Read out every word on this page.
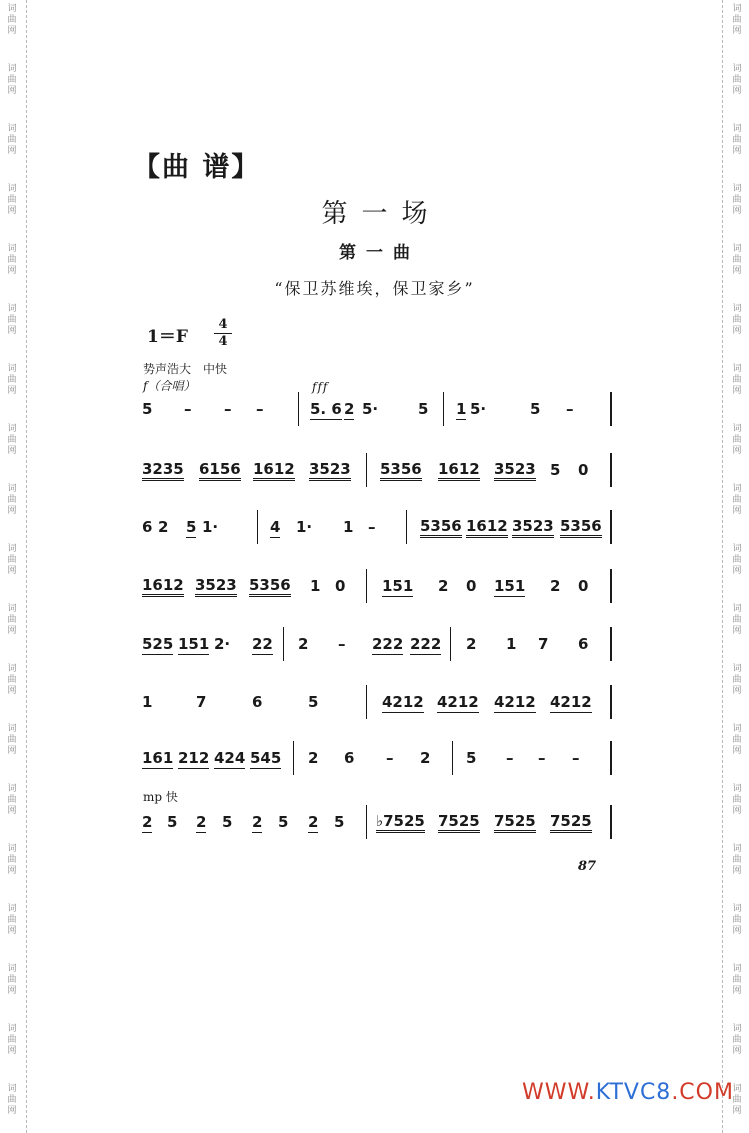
词
曲
网
词
曲
网
词
曲
网
词
曲
网
词
曲
网
词
曲
网
词
曲
网
词
曲
网
词
曲
网
词
曲
网
词
曲
网
词
曲
网
词
曲
网
词
曲
网
词
曲
网
词
曲
网
词
曲
网
词
曲
网
词
曲
网
词
曲
网
词
曲
网
词
曲
网
词
曲
网
词
曲
网
词
曲
网
词
曲
网
词
曲
网
词
曲
网
词
曲
网
词
曲
网
词
曲
网
词
曲
网
词
曲
网
词
曲
网
词
曲
网
词
曲
网
词
曲
网
词
曲
网
【曲 谱】
第一场
第一曲
“保卫苏维埃，保卫家乡”
1＝F
4
4
势声浩大　中快
f（合唱）	fff
mp 快
5 – – –	5. 6 2 5·	5 1 5·	5 –
3235 6156 1612 3523 5356 1612 3523 5 0
6 2 5 1·	4 1· 1 –	5356 1612 3523 5356
1612 3523 5356 1 0 151 2 0 151 2 0
525 151 2· 22 2 – 222 222 2 1 7 6
1	7	6	5	4212 4212 4212 4212
161 212 424 545 2 6 – 2 5 – – –
2 5 2 5 2 5 2 5 ♭7525 7525 7525 7525
87
WWW.KTVC8.COM
